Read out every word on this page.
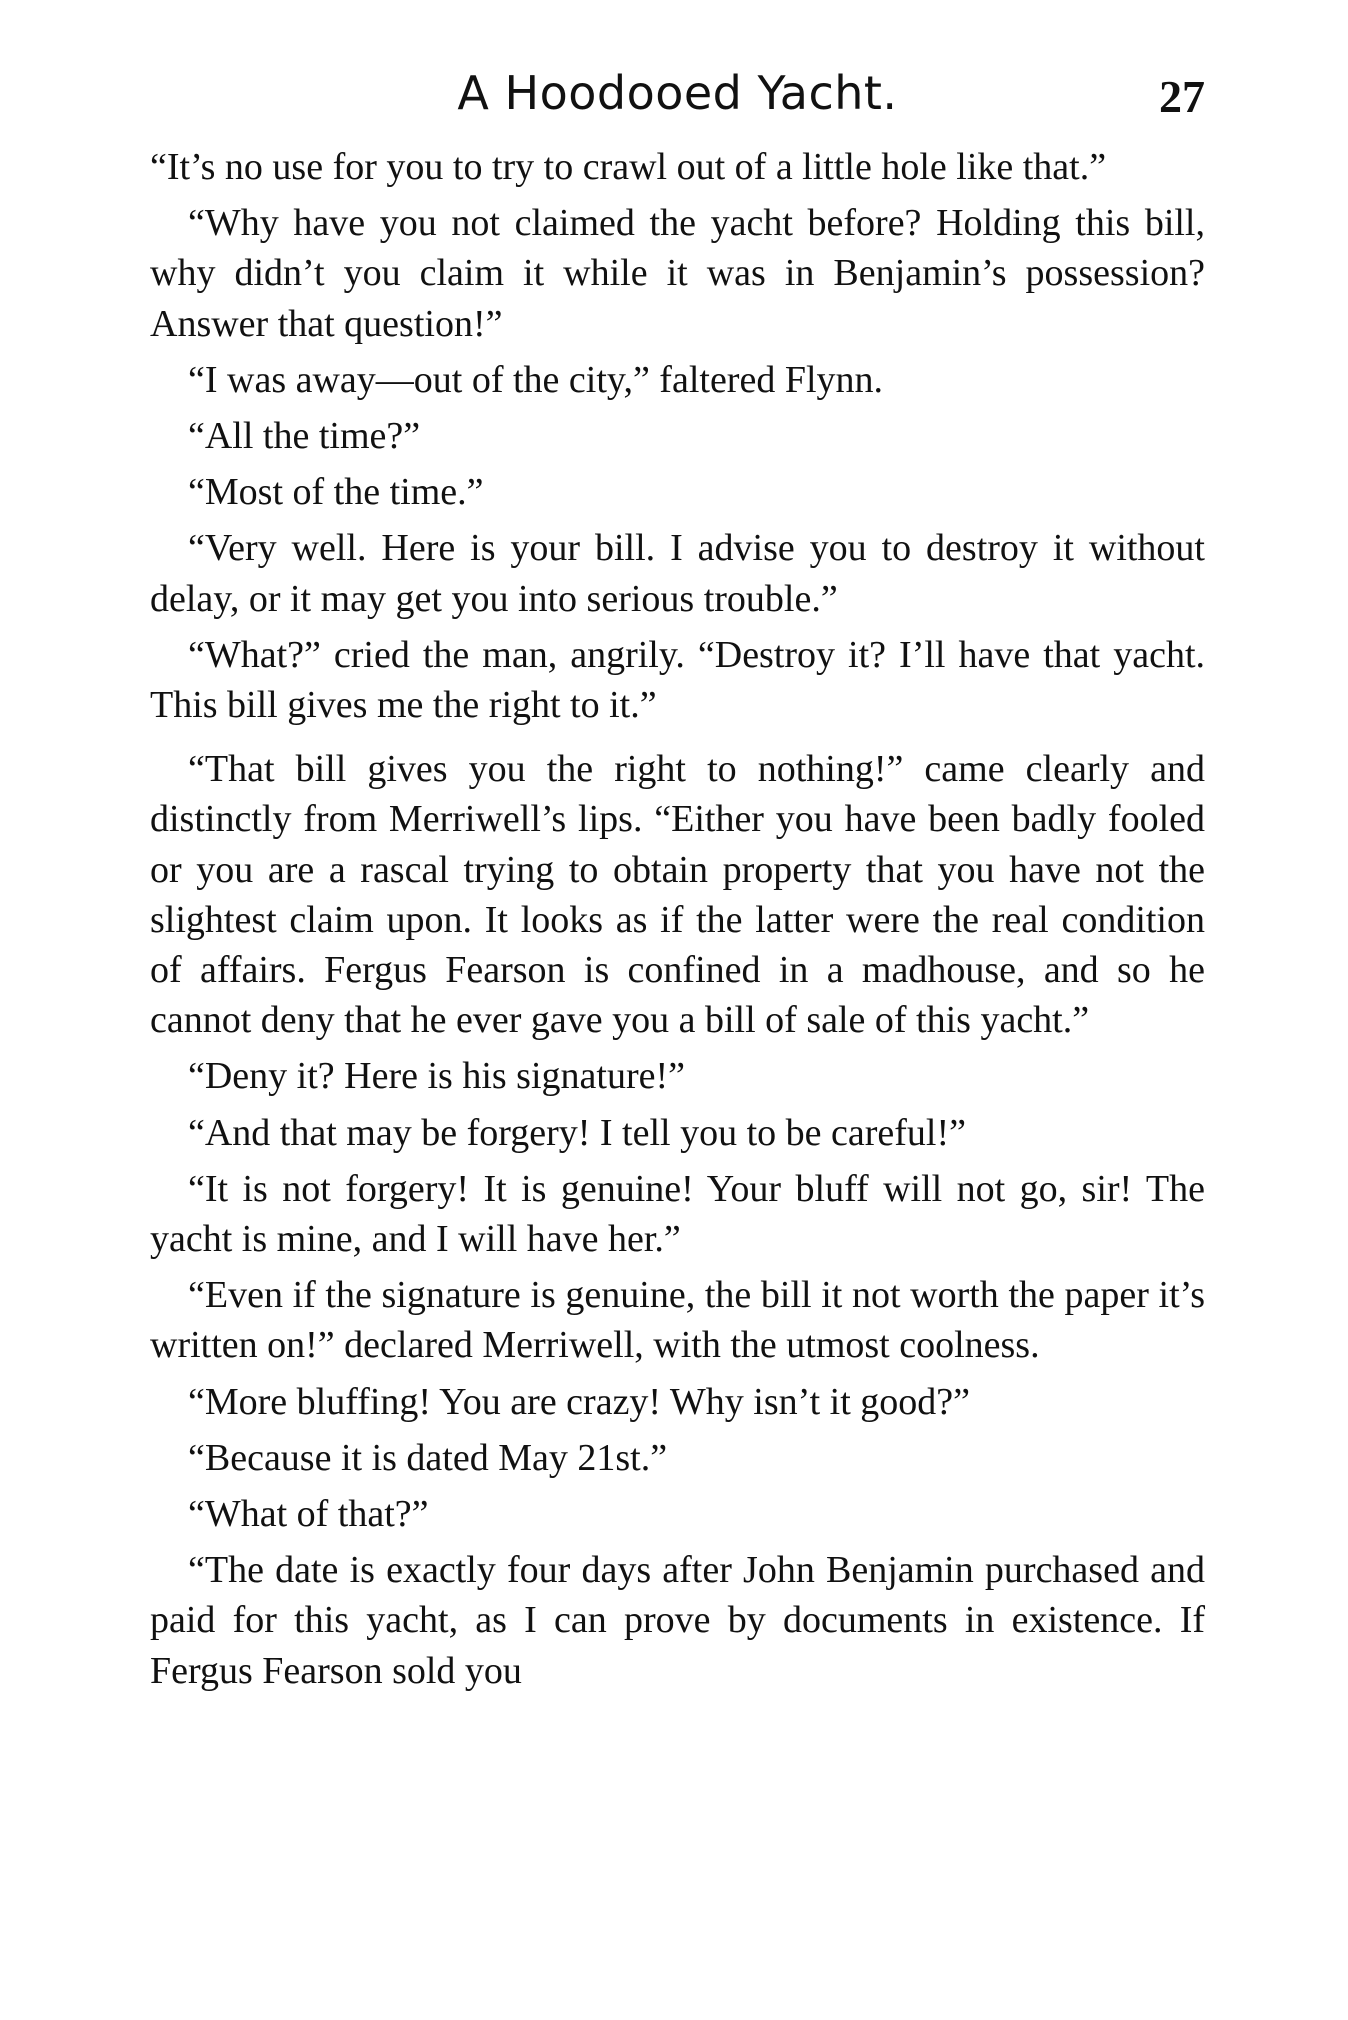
A Hoodooed Yacht.	27

“It’s no use for you to try to crawl out of a little hole like that.”

“Why have you not claimed the yacht before? Holding this bill, why didn’t you claim it while it was in Benjamin’s possession? Answer that question!”

“I was away—out of the city,” faltered Flynn.

“All the time?”

“Most of the time.”

“Very well. Here is your bill. I advise you to destroy it without delay, or it may get you into serious trouble.”

“What?” cried the man, angrily. “Destroy it? I’ll have that yacht. This bill gives me the right to it.”

“That bill gives you the right to nothing!” came clearly and distinctly from Merriwell’s lips. “Either you have been badly fooled or you are a rascal trying to obtain property that you have not the slightest claim upon. It looks as if the latter were the real condition of affairs. Fergus Fearson is confined in a madhouse, and so he cannot deny that he ever gave you a bill of sale of this yacht.”

“Deny it? Here is his signature!”

“And that may be forgery! I tell you to be careful!”

“It is not forgery! It is genuine! Your bluff will not go, sir! The yacht is mine, and I will have her.”

“Even if the signature is genuine, the bill it not worth the paper it’s written on!” declared Merriwell, with the utmost coolness.

“More bluffing! You are crazy! Why isn’t it good?”

“Because it is dated May 21st.”

“What of that?”

“The date is exactly four days after John Benjamin purchased and paid for this yacht, as I can prove by documents in existence. If Fergus Fearson sold you
